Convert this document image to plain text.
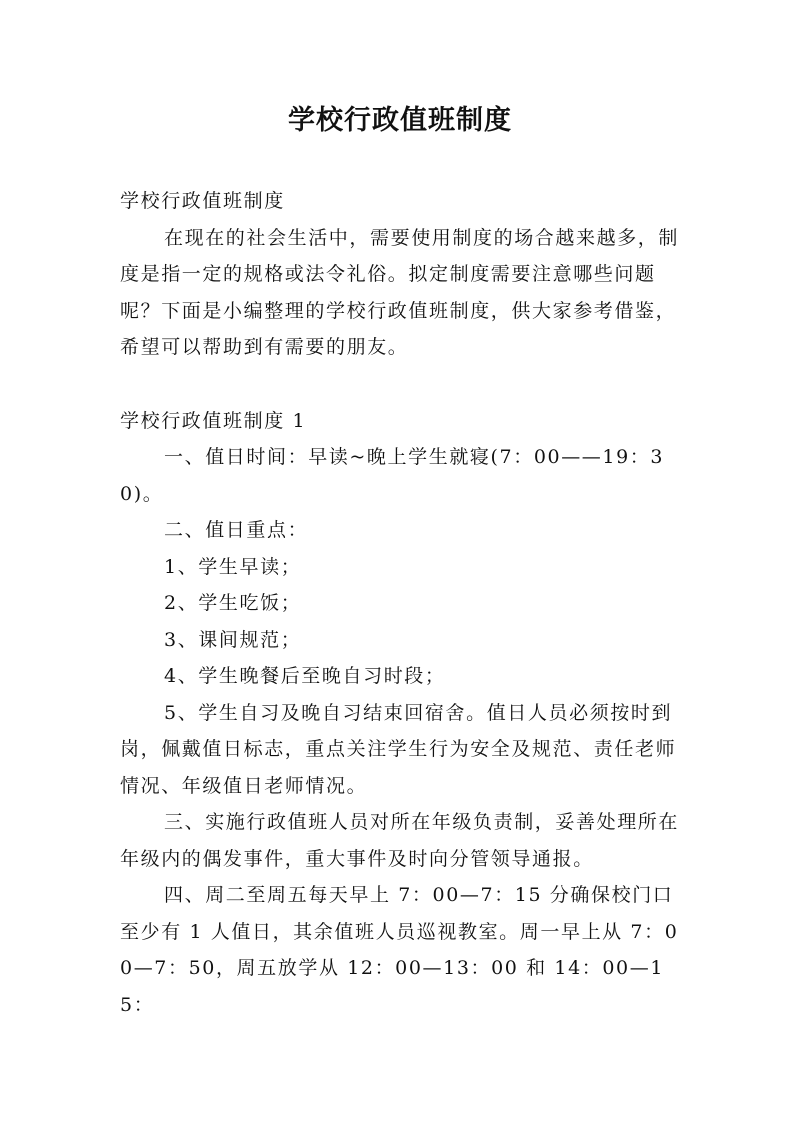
学校行政值班制度

学校行政值班制度

在现在的社会生活中，需要使用制度的场合越来越多，制度是指一定的规格或法令礼俗。拟定制度需要注意哪些问题呢？下面是小编整理的学校行政值班制度，供大家参考借鉴，希望可以帮助到有需要的朋友。

学校行政值班制度 1

一、值日时间：早读~晚上学生就寝(7：00——19：30)。

二、值日重点：

1、学生早读；

2、学生吃饭；

3、课间规范；

4、学生晚餐后至晚自习时段；

5、学生自习及晚自习结束回宿舍。值日人员必须按时到岗，佩戴值日标志，重点关注学生行为安全及规范、责任老师情况、年级值日老师情况。

三、实施行政值班人员对所在年级负责制，妥善处理所在年级内的偶发事件，重大事件及时向分管领导通报。

四、周二至周五每天早上 7：00—7：15 分确保校门口至少有 1 人值日，其余值班人员巡视教室。周一早上从 7：00—7：50，周五放学从 12：00—13：00 和 14：00—15：
